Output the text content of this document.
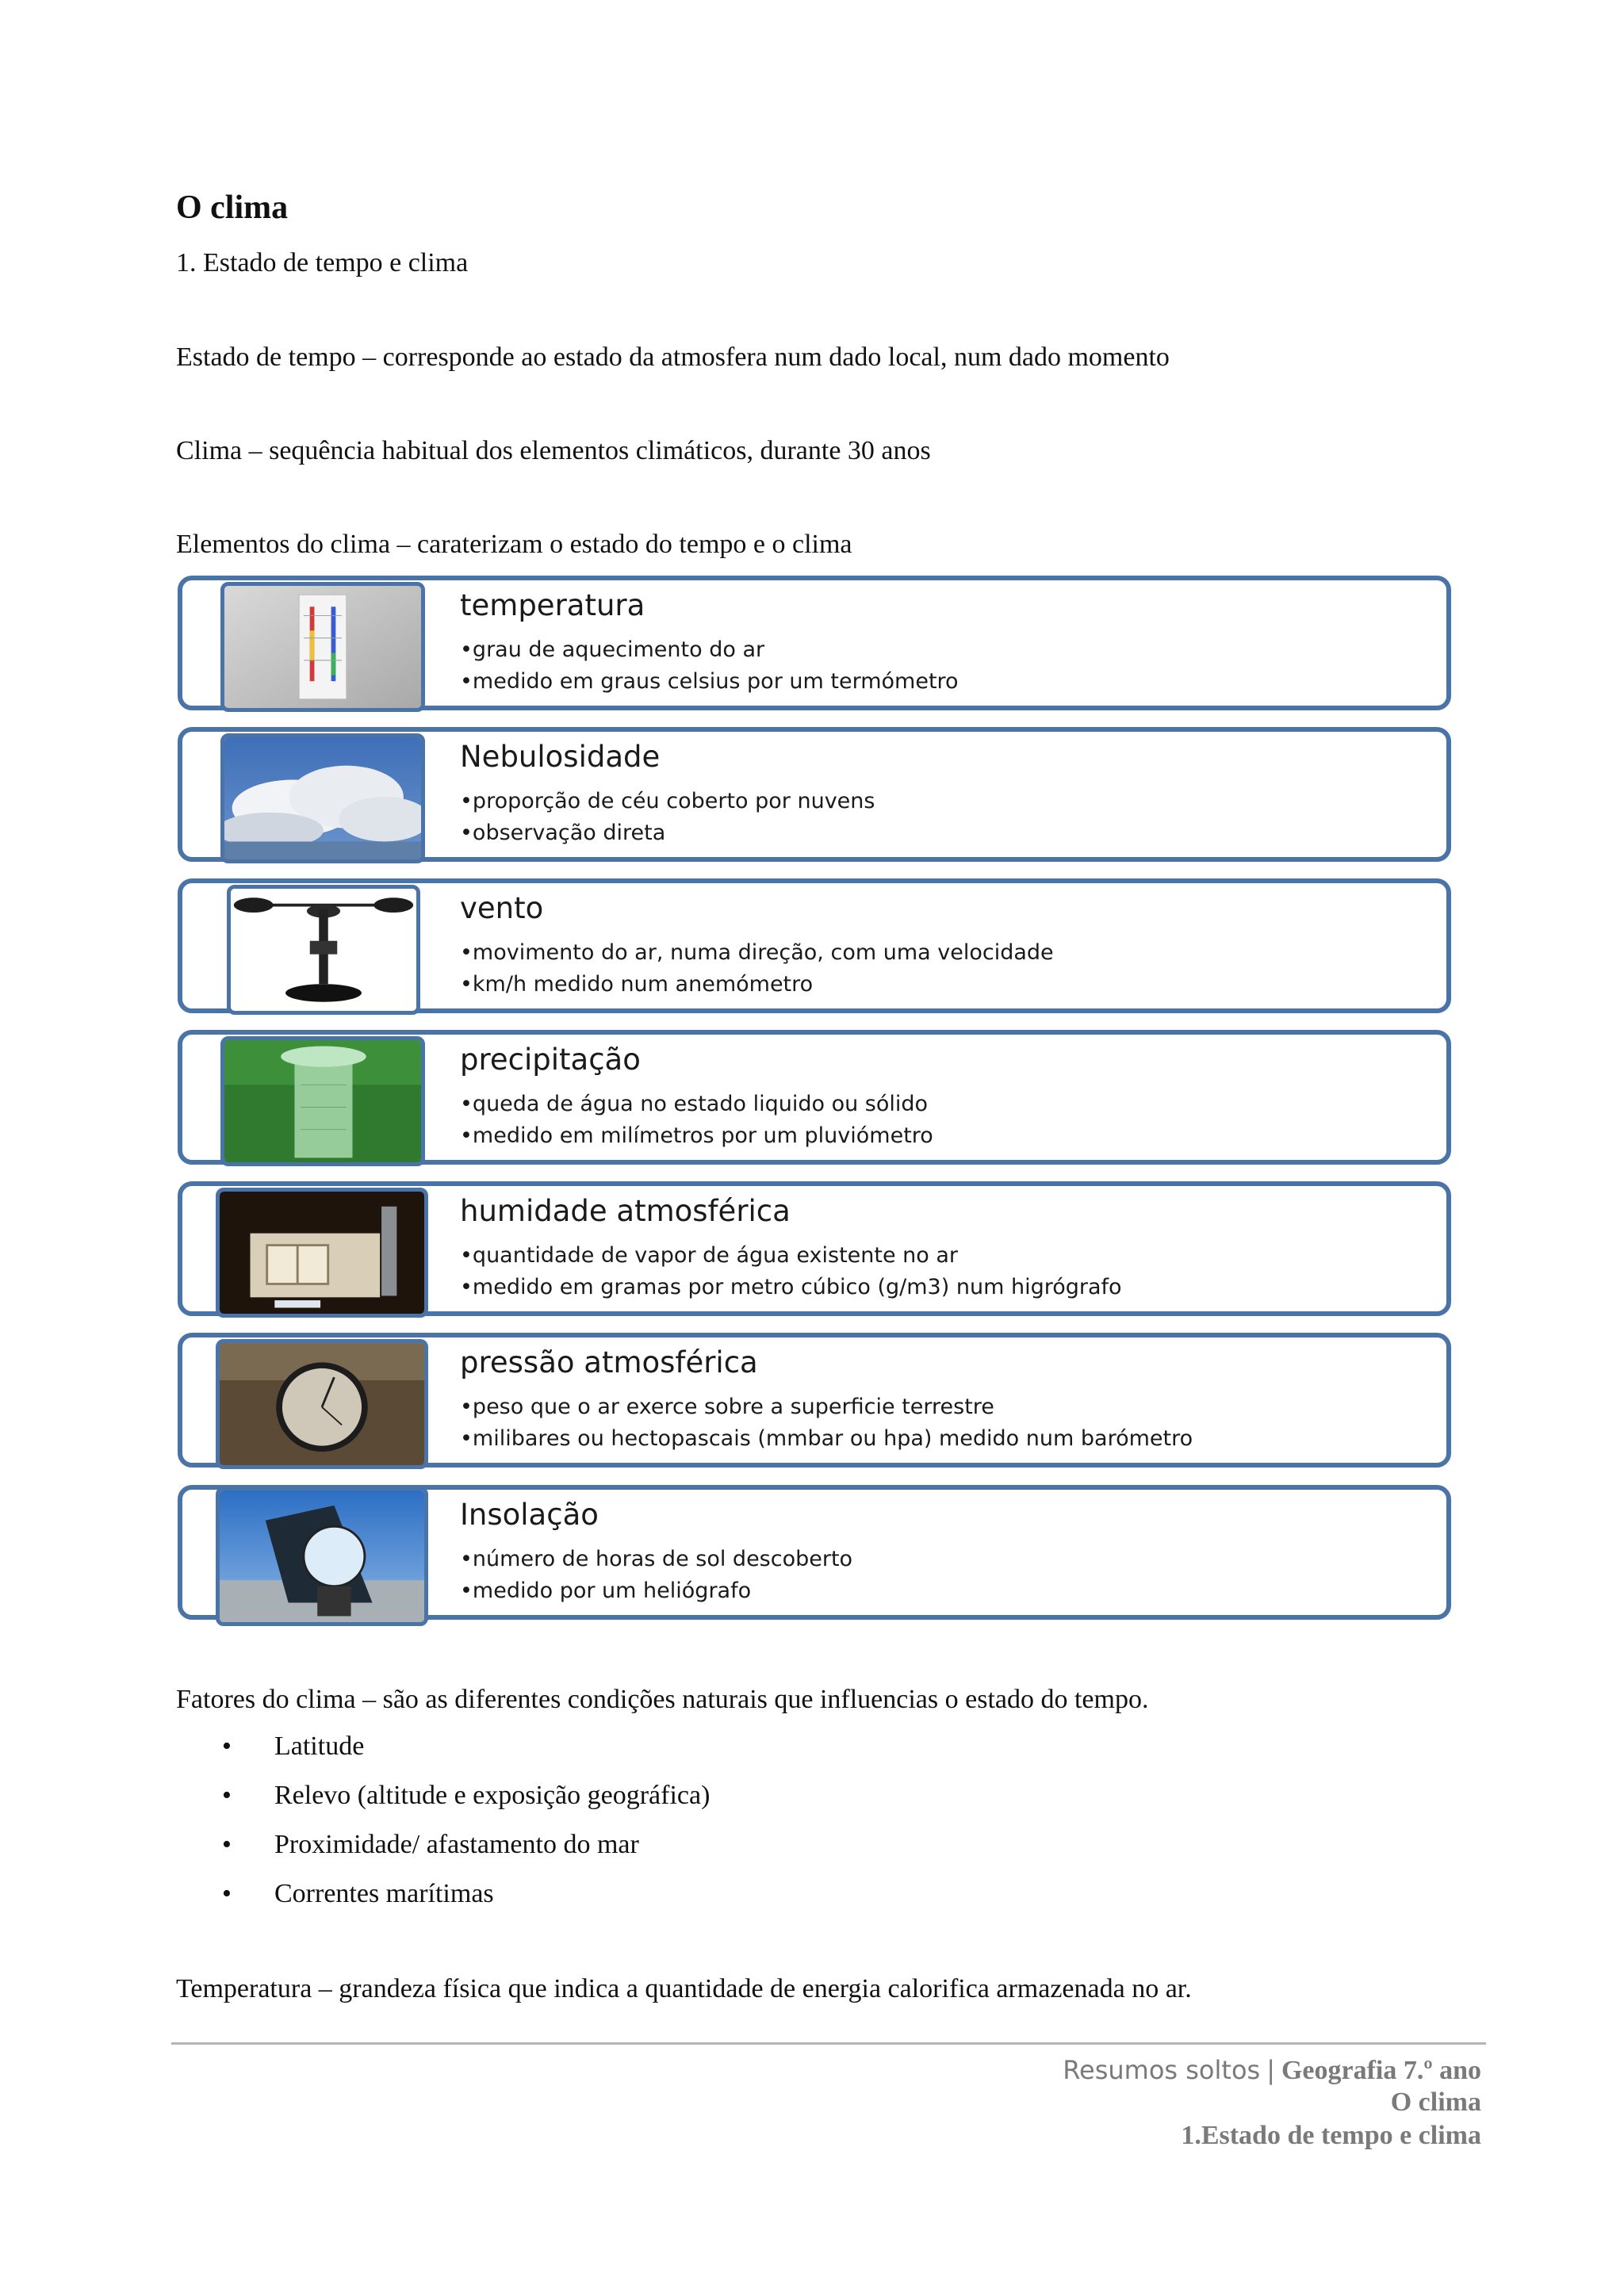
O clima
1. Estado de tempo e clima
Estado de tempo – corresponde ao estado da atmosfera num dado local, num dado momento
Clima – sequência habitual dos elementos climáticos, durante 30 anos
Elementos do clima – caraterizam o estado do tempo e o clima
temperatura
•grau de aquecimento do ar
•medido em graus celsius por um termómetro
Nebulosidade
•proporção de céu coberto por nuvens
•observação direta
vento
•movimento do ar, numa direção, com uma velocidade
•km/h medido num anemómetro
precipitação
•queda de água no estado liquido ou sólido
•medido em milímetros por um pluviómetro
humidade atmosférica
•quantidade de vapor de água existente no ar
•medido em gramas por metro cúbico (g/m3) num higrógrafo
pressão atmosférica
•peso que o ar exerce sobre a superficie terrestre
•milibares ou hectopascais (mmbar ou hpa) medido num barómetro
Insolação
•número de horas de sol descoberto
•medido por um heliógrafo
Fatores do clima – são as diferentes condições naturais que influencias o estado do tempo.
• Latitude
• Relevo (altitude e exposição geográfica)
• Proximidade/ afastamento do mar
• Correntes marítimas
Temperatura – grandeza física que indica a quantidade de energia calorifica armazenada no ar.
Resumos soltos | Geografia 7.º ano
O clima
1.Estado de tempo e clima
